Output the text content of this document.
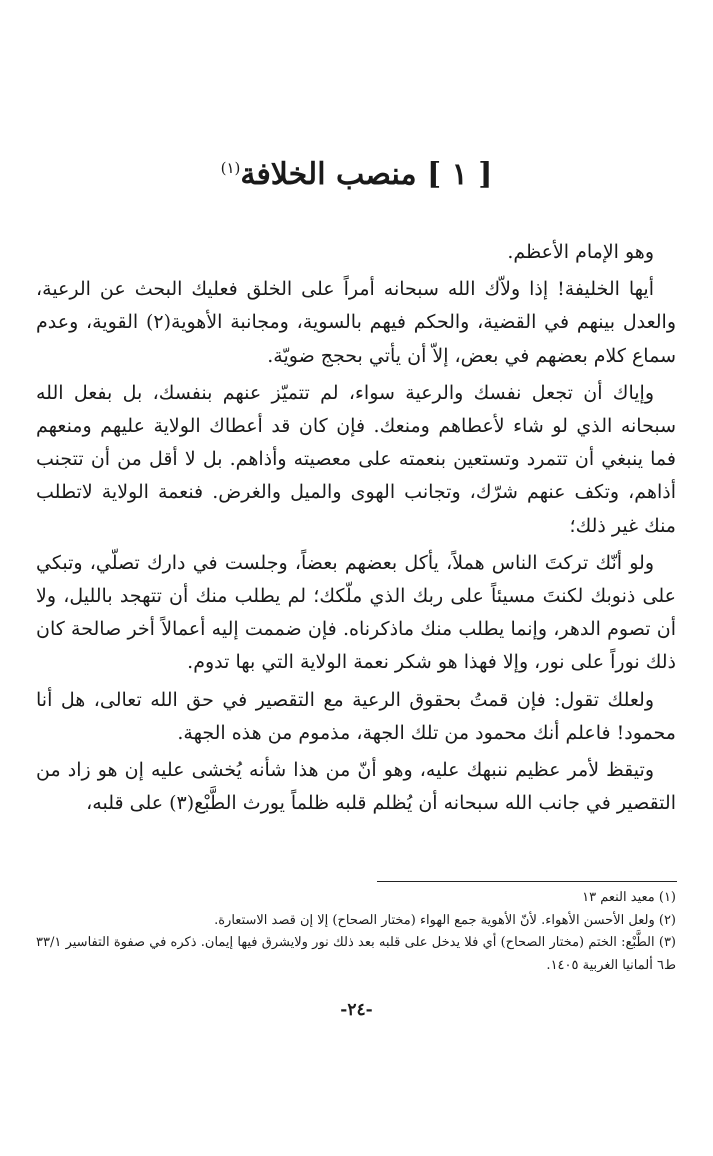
[ ١ ] منصب الخلافة$^{(١)}$

وهو الإمام الأعظم.

أيها الخليفة! إذا ولاّك الله سبحانه أمراً على الخلق فعليك البحث عن الرعية، والعدل بينهم في القضية، والحكم فيهم بالسوية، ومجانبة الأهوية(٢) القوية، وعدم سماع كلام بعضهم في بعض، إلاّ أن يأتي بحجج ضويّة.

وإياك أن تجعل نفسك والرعية سواء، لم تتميّز عنهم بنفسك، بل بفعل الله سبحانه الذي لو شاء لأعطاهم ومنعك. فإن كان قد أعطاك الولاية عليهم ومنعهم فما ينبغي أن تتمرد وتستعين بنعمته على معصيته وأذاهم. بل لا أقل من أن تتجنب أذاهم، وتكف عنهم شرّك، وتجانب الهوى والميل والغرض. فنعمة الولاية لاتطلب منك غير ذلك؛

ولو أنّك تركتَ الناس هملاً، يأكل بعضهم بعضاً، وجلست في دارك تصلّي، وتبكي على ذنوبك لكنتَ مسيئاً على ربك الذي ملّكك؛ لم يطلب منك أن تتهجد بالليل، ولا أن تصوم الدهر، وإنما يطلب منك ماذكرناه. فإن ضممت إليه أعمالاً أخر صالحة كان ذلك نوراً على نور، وإلا فهذا هو شكر نعمة الولاية التي بها تدوم.

ولعلك تقول: فإن قمتُ بحقوق الرعية مع التقصير في حق الله تعالى، هل أنا محمود! فاعلم أنك محمود من تلك الجهة، مذموم من هذه الجهة.

وتيقظ لأمر عظيم ننبهك عليه، وهو أنّ من هذا شأنه يُخشى عليه إن هو زاد من التقصير في جانب الله سبحانه أن يُظلم قلبه ظلماً يورث الطَّبْع(٣) على قلبه،

(١) معيد النعم ١٣

(٢) ولعل الأحسن الأهواء. لأنّ الأهوية جمع الهواء (مختار الصحاح) إلا إن قصد الاستعارة.

(٣) الطَّبْع: الختم (مختار الصحاح) أي فلا يدخل على قلبه بعد ذلك نور ولايشرق فيها إيمان. ذكره في صفوة التفاسير ٣٣/١ ط٦ ألمانيا الغربية ١٤٠٥.

-٢٤-
